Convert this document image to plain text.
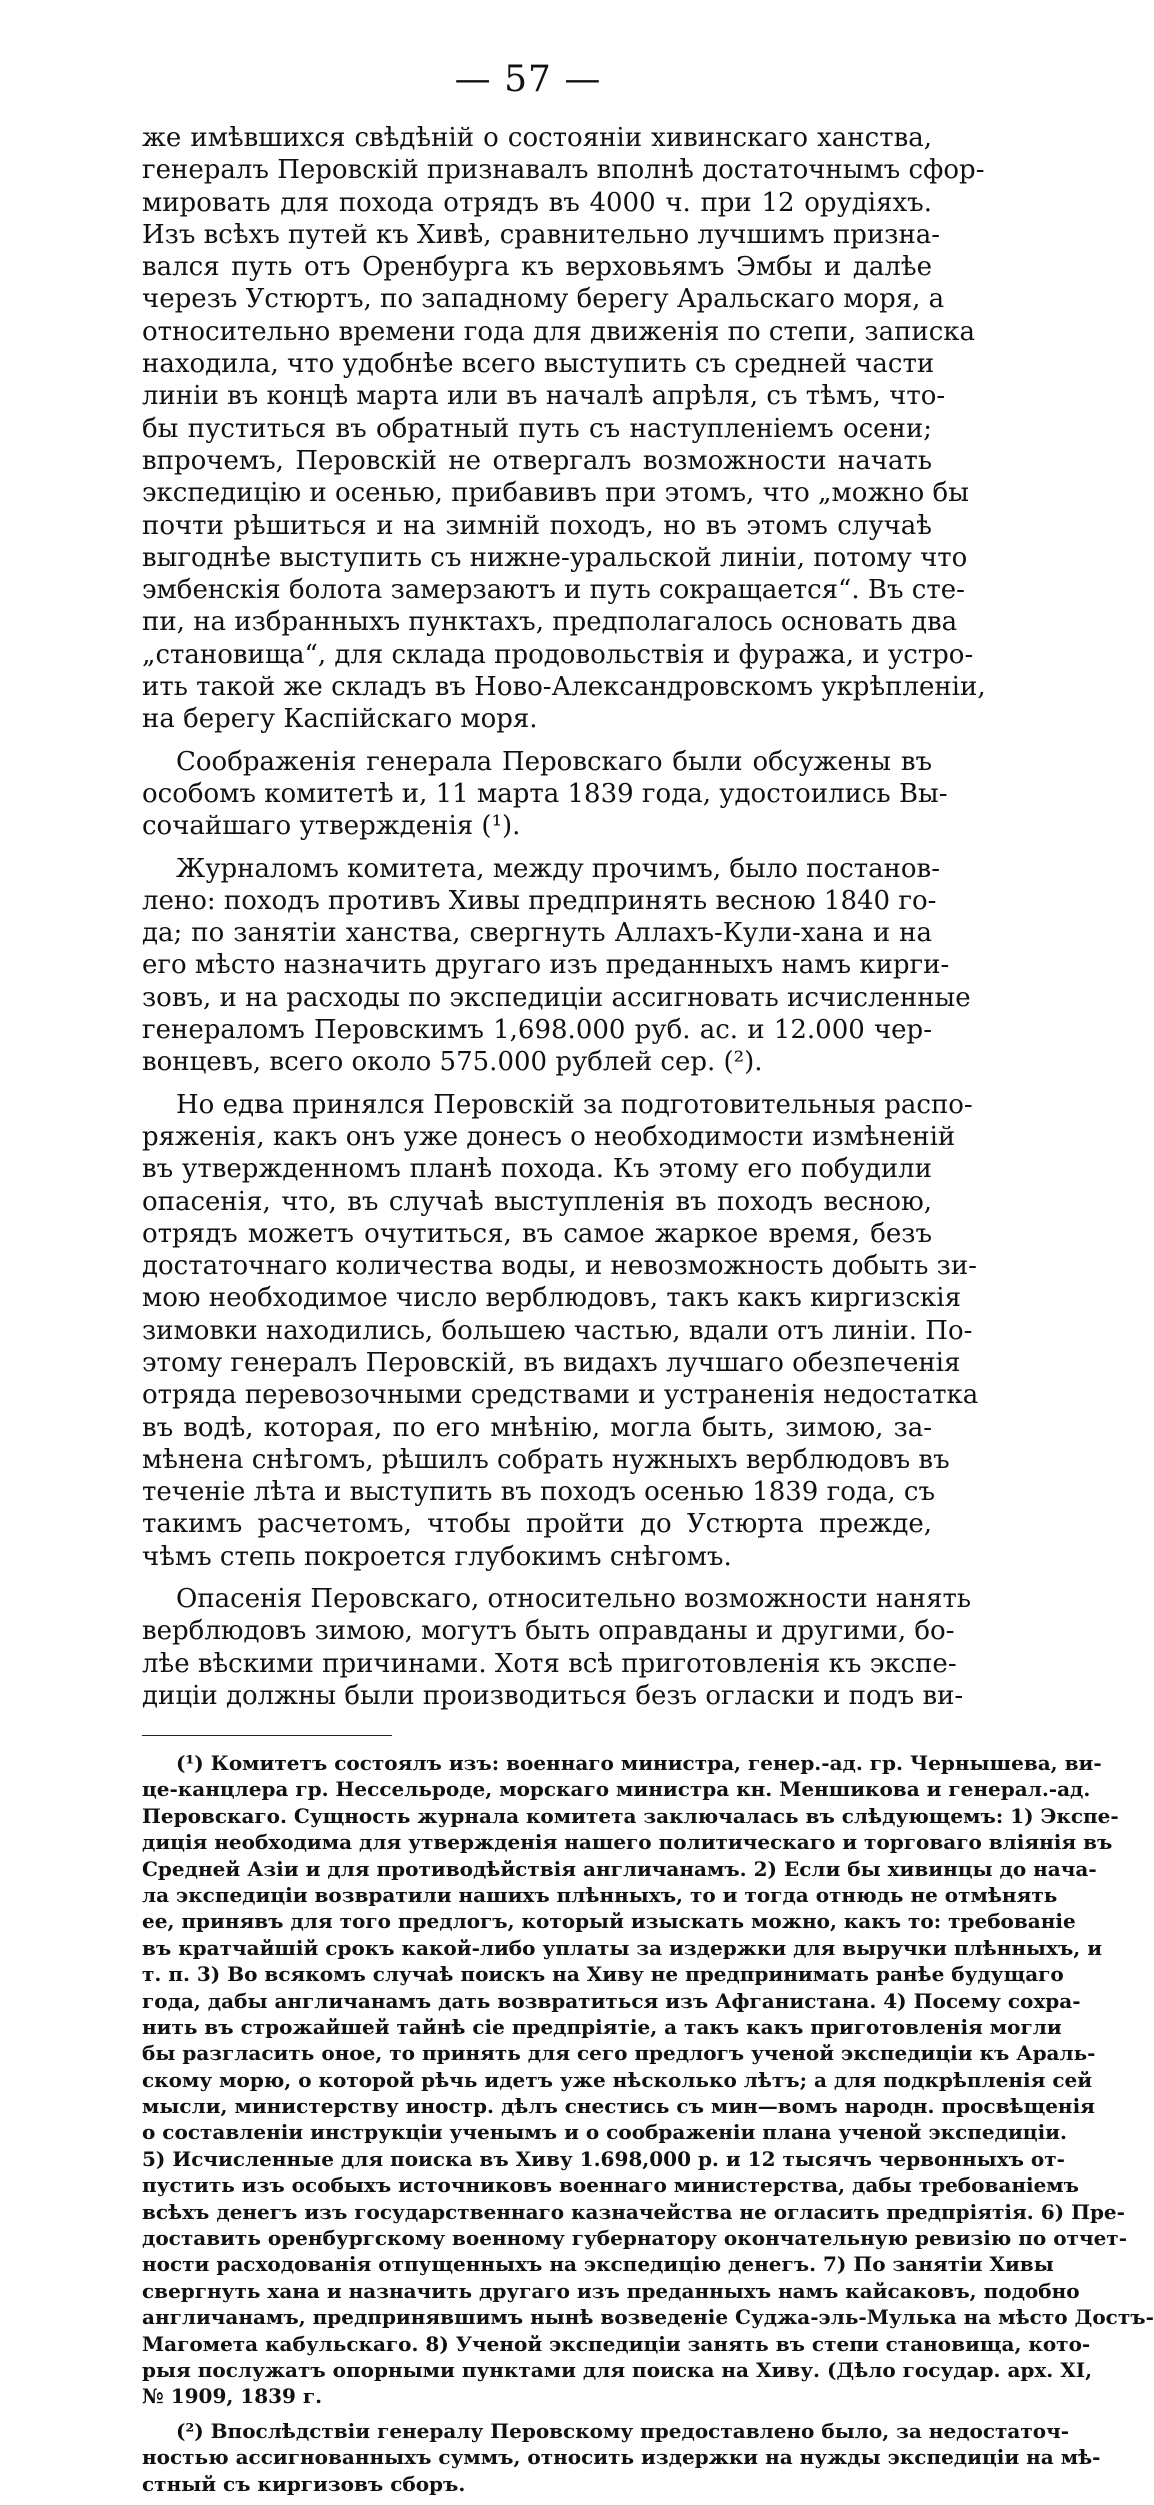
— 57 —
же имѣвшихся свѣдѣній о состояніи хивинскаго ханства,
генералъ Перовскій признавалъ вполнѣ достаточнымъ сфор-
мировать для похода отрядъ въ 4000 ч. при 12 орудіяхъ.
Изъ всѣхъ путей къ Хивѣ, сравнительно лучшимъ призна-
вался путь отъ Оренбурга къ верховьямъ Эмбы и далѣе
черезъ Устюртъ, по западному берегу Аральскаго моря, а
относительно времени года для движенія по степи, записка
находила, что удобнѣе всего выступить съ средней части
линіи въ концѣ марта или въ началѣ апрѣля, съ тѣмъ, что-
бы пуститься въ обратный путь съ наступленіемъ осени;
впрочемъ, Перовскій не отвергалъ возможности начать
экспедицію и осенью, прибавивъ при этомъ, что „можно бы
почти рѣшиться и на зимній походъ, но въ этомъ случаѣ
выгоднѣе выступить съ нижне-уральской линіи, потому что
эмбенскія болота замерзаютъ и путь сокращается“. Въ сте-
пи, на избранныхъ пунктахъ, предполагалось основать два
„становища“, для склада продовольствія и фуража, и устро-
ить такой же складъ въ Ново-Александровскомъ укрѣпленіи,
на берегу Каспійскаго моря.
Соображенія генерала Перовскаго были обсужены въ
особомъ комитетѣ и, 11 марта 1839 года, удостоились Вы-
сочайшаго утвержденія (¹).
Журналомъ комитета, между прочимъ, было постанов-
лено: походъ противъ Хивы предпринять весною 1840 го-
да; по занятіи ханства, свергнуть Аллахъ-Кули-хана и на
его мѣсто назначить другаго изъ преданныхъ намъ кирги-
зовъ, и на расходы по экспедиціи ассигновать исчисленные
генераломъ Перовскимъ 1,698.000 руб. ас. и 12.000 чер-
вонцевъ, всего около 575.000 рублей сер. (²).
Но едва принялся Перовскій за подготовительныя распо-
ряженія, какъ онъ уже донесъ о необходимости измѣненій
въ утвержденномъ планѣ похода. Къ этому его побудили
опасенія, что, въ случаѣ выступленія въ походъ весною,
отрядъ можетъ очутиться, въ самое жаркое время, безъ
достаточнаго количества воды, и невозможность добыть зи-
мою необходимое число верблюдовъ, такъ какъ киргизскія
зимовки находились, большею частью, вдали отъ линіи. По-
этому генералъ Перовскій, въ видахъ лучшаго обезпеченія
отряда перевозочными средствами и устраненія недостатка
въ водѣ, которая, по его мнѣнію, могла быть, зимою, за-
мѣнена снѣгомъ, рѣшилъ собрать нужныхъ верблюдовъ въ
теченіе лѣта и выступить въ походъ осенью 1839 года, съ
такимъ расчетомъ, чтобы пройти до Устюрта прежде,
чѣмъ степь покроется глубокимъ снѣгомъ.
Опасенія Перовскаго, относительно возможности нанять
верблюдовъ зимою, могутъ быть оправданы и другими, бо-
лѣе вѣскими причинами. Хотя всѣ приготовленія къ экспе-
диціи должны были производиться безъ огласки и подъ ви-
(¹) Комитетъ состоялъ изъ: военнаго министра, генер.-ад. гр. Чернышева, ви-
це-канцлера гр. Нессельроде, морскаго министра кн. Меншикова и генерал.-ад.
Перовскаго. Сущность журнала комитета заключалась въ слѣдующемъ: 1) Экспе-
диція необходима для утвержденія нашего политическаго и торговаго вліянія въ
Средней Азіи и для противодѣйствія англичанамъ. 2) Если бы хивинцы до нача-
ла экспедиціи возвратили нашихъ плѣнныхъ, то и тогда отнюдь не отмѣнять
ее, принявъ для того предлогъ, который изыскать можно, какъ то: требованіе
въ кратчайшій срокъ какой-либо уплаты за издержки для выручки плѣнныхъ, и
т. п. 3) Во всякомъ случаѣ поискъ на Хиву не предпринимать ранѣе будущаго
года, дабы англичанамъ дать возвратиться изъ Афганистана. 4) Посему сохра-
нить въ строжайшей тайнѣ сіе предпріятіе, а такъ какъ приготовленія могли
бы разгласить оное, то принять для сего предлогъ ученой экспедиціи къ Араль-
скому морю, о которой рѣчь идетъ уже нѣсколько лѣтъ; а для подкрѣпленія сей
мысли, министерству иностр. дѣлъ снестись съ мин—вомъ народн. просвѣщенія
о составленіи инструкціи ученымъ и о соображеніи плана ученой экспедиціи.
5) Исчисленные для поиска въ Хиву 1.698,000 р. и 12 тысячъ червонныхъ от-
пустить изъ особыхъ источниковъ военнаго министерства, дабы требованіемъ
всѣхъ денегъ изъ государственнаго казначейства не огласить предпріятія. 6) Пре-
доставить оренбургскому военному губернатору окончательную ревизію по отчет-
ности расходованія отпущенныхъ на экспедицію денегъ. 7) По занятіи Хивы
свергнуть хана и назначить другаго изъ преданныхъ намъ кайсаковъ, подобно
англичанамъ, предпринявшимъ нынѣ возведеніе Суджа-эль-Мулька на мѣсто Достъ-
Магомета кабульскаго. 8) Ученой экспедиціи занять въ степи становища, кото-
рыя послужатъ опорными пунктами для поиска на Хиву. (Дѣло государ. арх. XI,
№ 1909, 1839 г.
(²) Впослѣдствіи генералу Перовскому предоставлено было, за недостаточ-
ностью ассигнованныхъ суммъ, относить издержки на нужды экспедиціи на мѣ-
стный съ киргизовъ сборъ.
